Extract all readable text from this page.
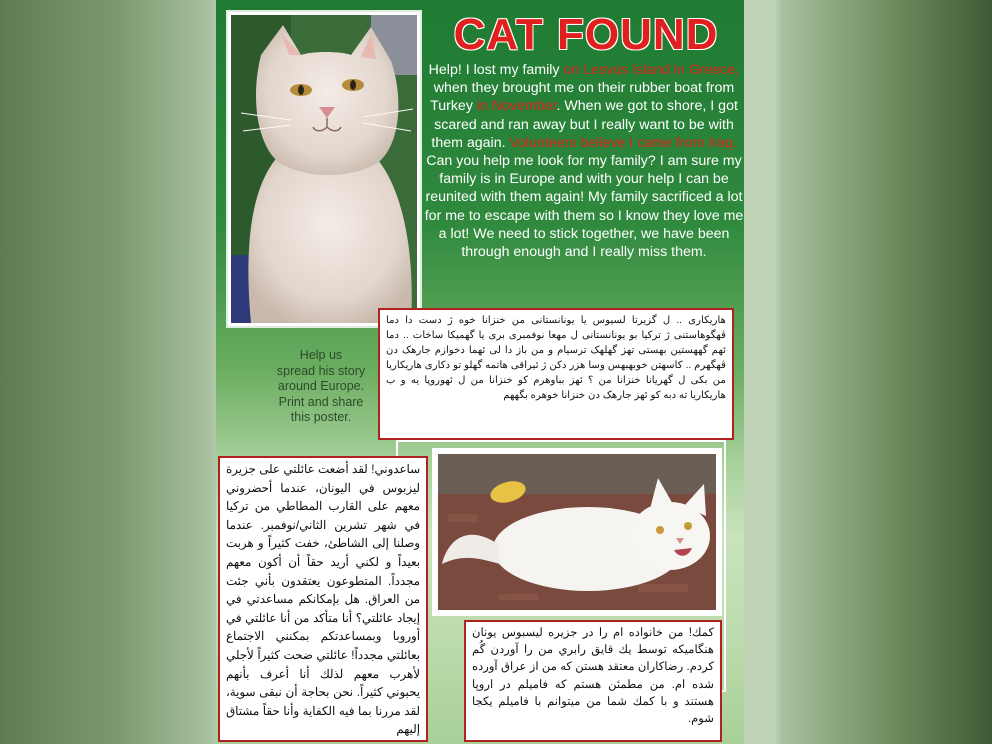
CAT FOUND
Help! I lost my family on Lesvos Island in Greece, when they brought me on their rubber boat from Turkey in November. When we got to shore, I got scared and ran away but I really want to be with them again. Volunteers believe I came from Iraq. Can you help me look for my family? I am sure my family is in Europe and with your help I can be reunited with them again! My family sacrificed a lot for me to escape with them so I know they love me a lot! We need to stick together, we have been through enough and I really miss them.
Help us
spread his story
around Europe.
Print and share
this poster.
هاریکاری .. ل گزیرتا لسیوس یا یونانستانی من خنزانا خوه ژ دست دا دما ڤهگوهاستنی ژ ترکیا بو یونانستانی ل مهعا نوفمبری بری یا گهمیکا ساخات .. دما ئهم گههستین بهستی تهز گهلهک ترسیام و من باز دا لی ئهما دخوازم جارهک دن ڤهگهرم .. کاسهتن خوبهبهس وسا هزر دکن ژ ئیراقی هاتمه گهلو تو دکاری هاریکاریا من بکی ل گهریانا خنزانا من ؟ ئهز بباوهرم کو خنزانا من ل ئهوروپا یه و ب هاریکاریا ته دبه کو ئهز جارهک دن خنزانا خوهره بگههم
ساعدوني! لقد أضعت عائلتي على جزيرة ليزبوس في اليونان، عندما أحضروني معهم على القارب المطاطي من تركيا في شهر تشرين الثاني/نوفمبر. عندما وصلنا إلى الشاطئ، خفت كثيراً و هربت بعيداً و لكني أريد حقاً أن أكون معهم مجدداً. المتطوعون يعتقدون بأني جئت من العراق. هل بإمكانكم مساعدتي في إيجاد عائلتي؟ أنا متأكد من أنا عائلتي في أوروبا وبمساعدتكم بمكنني الاجتماع بعائلتي مجدداً! عائلتي ضحت كثيراً لأجلي لأهرب معهم لذلك أنا أعرف بأنهم يحبوني كثيراً. نحن بحاجة أن نبقى سوية، لقد مررنا بما فيه الكفاية وأنا حقاً مشتاق إليهم
كمك! من خانواده ام را در جزيره ليسبوس يونان هنگاميكه توسط يك قايق رابري من را آوردن گُم كردم. رضاكاران معتقد هستن كه من از عراق آورده شده ام. من مطمئن هستم كه فاميلم در اروپا هستند و با كمك شما من ميتوانم با فاميلم يكجا شوم.
